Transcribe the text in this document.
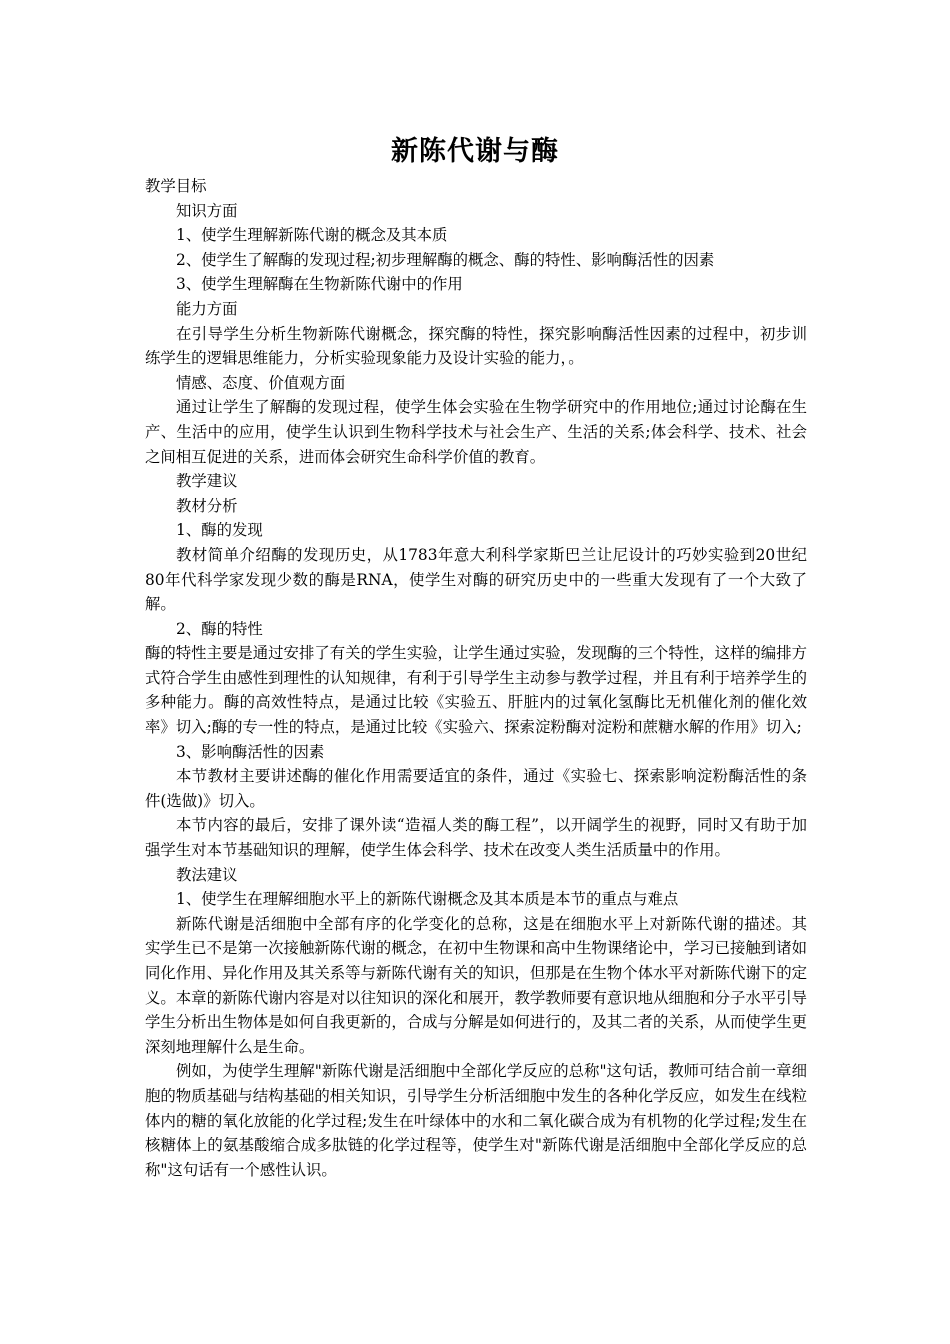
新陈代谢与酶

教学目标

知识方面

1、使学生理解新陈代谢的概念及其本质

2、使学生了解酶的发现过程;初步理解酶的概念、酶的特性、影响酶活性的因素

3、使学生理解酶在生物新陈代谢中的作用

能力方面

在引导学生分析生物新陈代谢概念，探究酶的特性，探究影响酶活性因素的过程中，初步训练学生的逻辑思维能力，分析实验现象能力及设计实验的能力，。

情感、态度、价值观方面

通过让学生了解酶的发现过程，使学生体会实验在生物学研究中的作用地位;通过讨论酶在生产、生活中的应用，使学生认识到生物科学技术与社会生产、生活的关系;体会科学、技术、社会之间相互促进的关系，进而体会研究生命科学价值的教育。

教学建议

教材分析

1、酶的发现

教材简单介绍酶的发现历史，从1783年意大利科学家斯巴兰让尼设计的巧妙实验到20世纪80年代科学家发现少数的酶是RNA，使学生对酶的研究历史中的一些重大发现有了一个大致了解。

2、酶的特性

酶的特性主要是通过安排了有关的学生实验，让学生通过实验，发现酶的三个特性，这样的编排方式符合学生由感性到理性的认知规律，有利于引导学生主动参与教学过程，并且有利于培养学生的多种能力。酶的高效性特点，是通过比较《实验五、肝脏内的过氧化氢酶比无机催化剂的催化效率》切入;酶的专一性的特点，是通过比较《实验六、探索淀粉酶对淀粉和蔗糖水解的作用》切入;

3、影响酶活性的因素

本节教材主要讲述酶的催化作用需要适宜的条件，通过《实验七、探索影响淀粉酶活性的条件(选做)》切入。

本节内容的最后，安排了课外读“造福人类的酶工程”，以开阔学生的视野，同时又有助于加强学生对本节基础知识的理解，使学生体会科学、技术在改变人类生活质量中的作用。

教法建议

1、使学生在理解细胞水平上的新陈代谢概念及其本质是本节的重点与难点

新陈代谢是活细胞中全部有序的化学变化的总称，这是在细胞水平上对新陈代谢的描述。其实学生已不是第一次接触新陈代谢的概念，在初中生物课和高中生物课绪论中，学习已接触到诸如同化作用、异化作用及其关系等与新陈代谢有关的知识，但那是在生物个体水平对新陈代谢下的定义。本章的新陈代谢内容是对以往知识的深化和展开，教学教师要有意识地从细胞和分子水平引导学生分析出生物体是如何自我更新的，合成与分解是如何进行的，及其二者的关系，从而使学生更深刻地理解什么是生命。

例如，为使学生理解"新陈代谢是活细胞中全部化学反应的总称"这句话，教师可结合前一章细胞的物质基础与结构基础的相关知识，引导学生分析活细胞中发生的各种化学反应，如发生在线粒体内的糖的氧化放能的化学过程;发生在叶绿体中的水和二氧化碳合成为有机物的化学过程;发生在核糖体上的氨基酸缩合成多肽链的化学过程等，使学生对"新陈代谢是活细胞中全部化学反应的总称"这句话有一个感性认识。
